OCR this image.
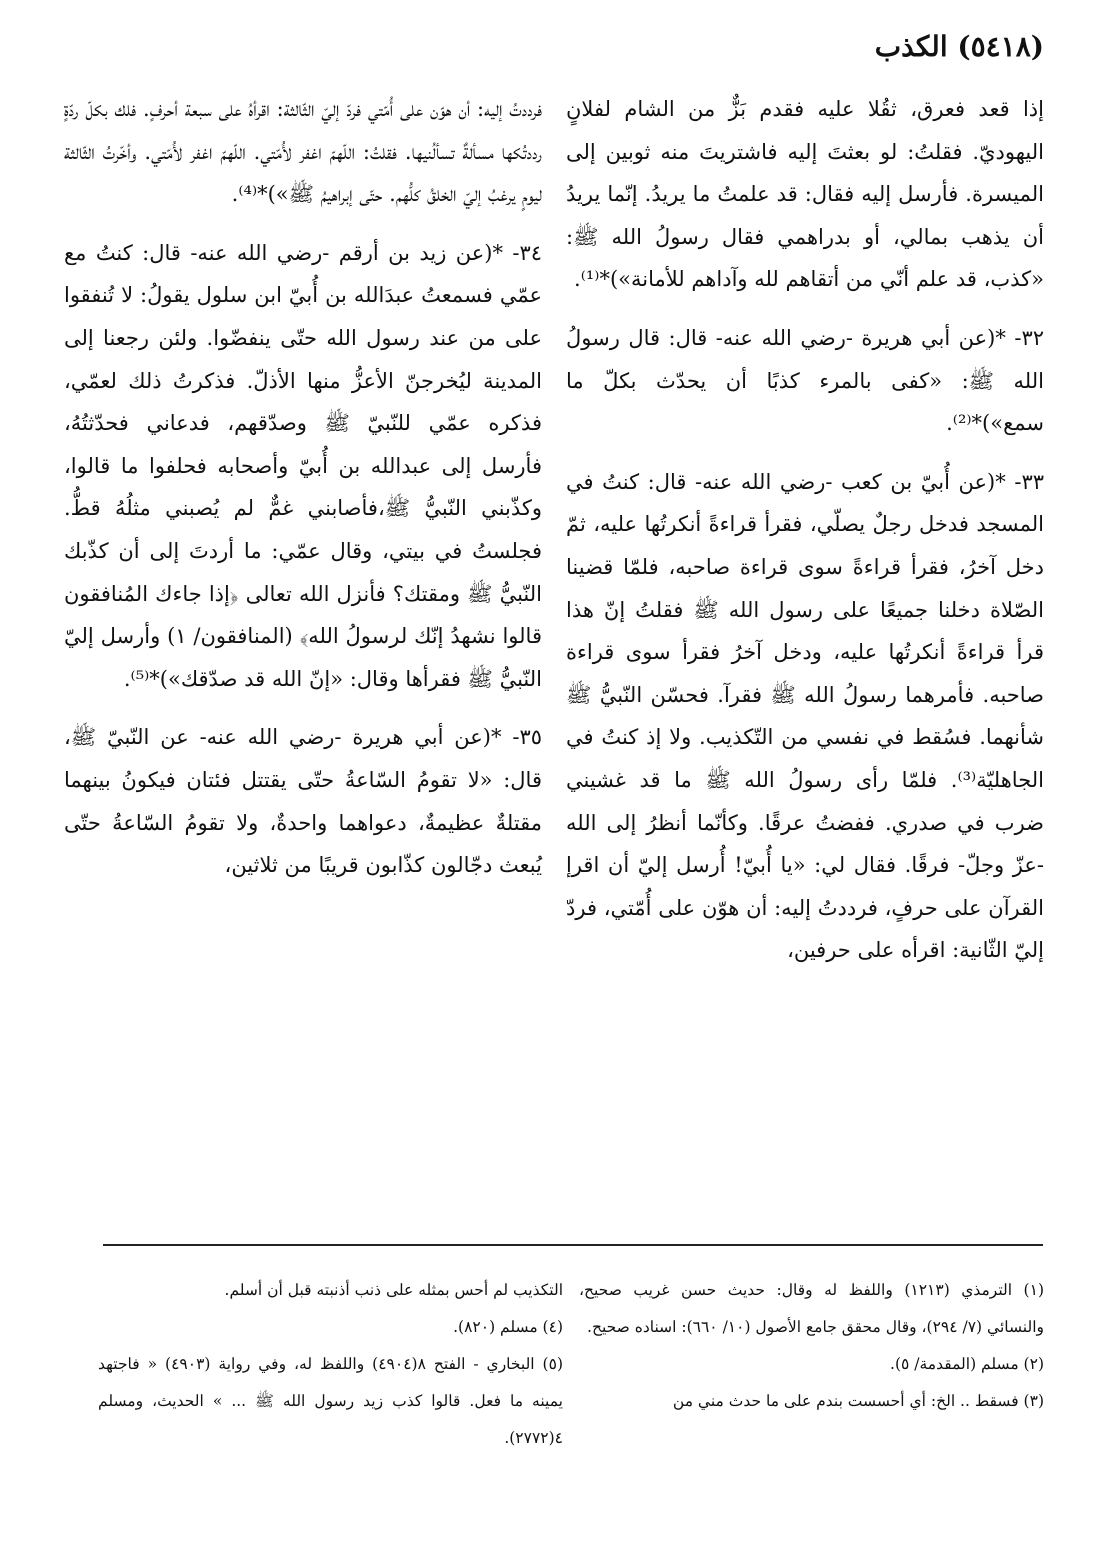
(٥٤١٨) الكذب

إذا قعد فعرق، ثقُلا عليه فقدم بَزٌّ من الشام لفلانٍ اليهوديّ. فقلتُ: لو بعثتَ إليه فاشتريتَ منه ثوبين إلى الميسرة. فأرسل إليه فقال: قد علمتُ ما يريدُ. إنّما يريدُ أن يذهب بمالي، أو بدراهمي فقال رسولُ الله ﷺ: «كذب، قد علم أنّي من أتقاهم لله وآداهم للأمانة»)*⁽¹⁾.

٣٢- *(عن أبي هريرة -رضي الله عنه- قال: قال رسولُ الله ﷺ: «كفى بالمرء كذبًا أن يحدّث بكلّ ما سمع»)*⁽²⁾.

٣٣- *(عن أُبيّ بن كعب -رضي الله عنه- قال: كنتُ في المسجد فدخل رجلٌ يصلّي، فقرأ قراءةً أنكرتُها عليه، ثمّ دخل آخرُ، فقرأ قراءةً سوى قراءة صاحبه، فلمّا قضينا الصّلاة دخلنا جميعًا على رسول الله ﷺ فقلتُ إنّ هذا قرأ قراءةً أنكرتُها عليه، ودخل آخرُ فقرأ سوى قراءة صاحبه. فأمرهما رسولُ الله ﷺ فقرآ. فحسّن النّبيُّ ﷺ شأنهما. فسُقط في نفسي من التّكذيب. ولا إذ كنتُ في الجاهليّة⁽³⁾. فلمّا رأى رسولُ الله ﷺ ما قد غشيني ضرب في صدري. ففضتُ عرقًا. وكأنّما أنظرُ إلى الله -عزّ وجلّ- فرقًا. فقال لي: «يا أُبيّ! أُرسل إليّ أن اقرإ القرآن على حرفٍ، فرددتُ إليه: أن هوّن على أُمّتي، فردّ إليّ الثّانية: اقرأه على حرفين،

فرددتُ إليه: أن هوّن على أُمّتي فردّ إليّ الثّالثة: اقرأهُ على سبعة أحرفٍ. فلك بكلّ ردّةٍ رددتُكها مسألةٌ تسألُنيها. فقلتُ: اللّهمّ اغفر لأُمّتي. اللّهمّ اغفر لأُمّتي. وأخّرتُ الثّالثة ليومٍ يرغبُ إليّ الخلقُ كلُّهم. حتّى إبراهيمُ ﷺ»)*⁽⁴⁾.

٣٤- *(عن زيد بن أرقم -رضي الله عنه- قال: كنتُ مع عمّي فسمعتُ عبدَالله بن أُبيّ ابن سلول يقولُ: لا تُنفقوا على من عند رسول الله حتّى ينفضّوا. ولئن رجعنا إلى المدينة ليُخرجنّ الأعزُّ منها الأذلّ. فذكرتُ ذلك لعمّي، فذكره عمّي للنّبيّ ﷺ وصدّقهم، فدعاني فحدّثتُهُ، فأرسل إلى عبدالله بن أُبيّ وأصحابه فحلفوا ما قالوا، وكذّبني النّبيُّ ﷺ،فأصابني غمٌّ لم يُصبني مثلُهُ قطُّ. فجلستُ في بيتي، وقال عمّي: ما أردتَ إلى أن كذّبك النّبيُّ ﷺ ومقتك؟ فأنزل الله تعالى ﴿إذا جاءك المُنافقون قالوا نشهدُ إنّك لرسولُ الله﴾ (المنافقون/ ١) وأرسل إليّ النّبيُّ ﷺ فقرأها وقال: «إنّ الله قد صدّقك»)*⁽⁵⁾.

٣٥- *(عن أبي هريرة -رضي الله عنه- عن النّبيّ ﷺ، قال: «لا تقومُ السّاعةُ حتّى يقتتل فئتان فيكونُ بينهما مقتلةٌ عظيمةٌ، دعواهما واحدةٌ، ولا تقومُ السّاعةُ حتّى يُبعث دجّالون كذّابون قريبًا من ثلاثين،

(١) الترمذي (١٢١٣) واللفظ له وقال: حديث حسن غريب صحيح، والنسائي (٧/ ٢٩٤)، وقال محقق جامع الأصول (١٠/ ٦٦٠): اسناده صحيح.

(٢) مسلم (المقدمة/ ٥).

(٣) فسقط .. الخ: أي أحسست بندم على ما حدث مني من

التكذيب لم أحس بمثله على ذنب أذنبته قبل أن أسلم.

(٤) مسلم (٨٢٠).

(٥) البخاري - الفتح ٨(٤٩٠٤) واللفظ له، وفي رواية (٤٩٠٣) « فاجتهد يمينه ما فعل. قالوا كذب زيد رسول الله ﷺ ... » الحديث، ومسلم ٤(٢٧٧٢).
